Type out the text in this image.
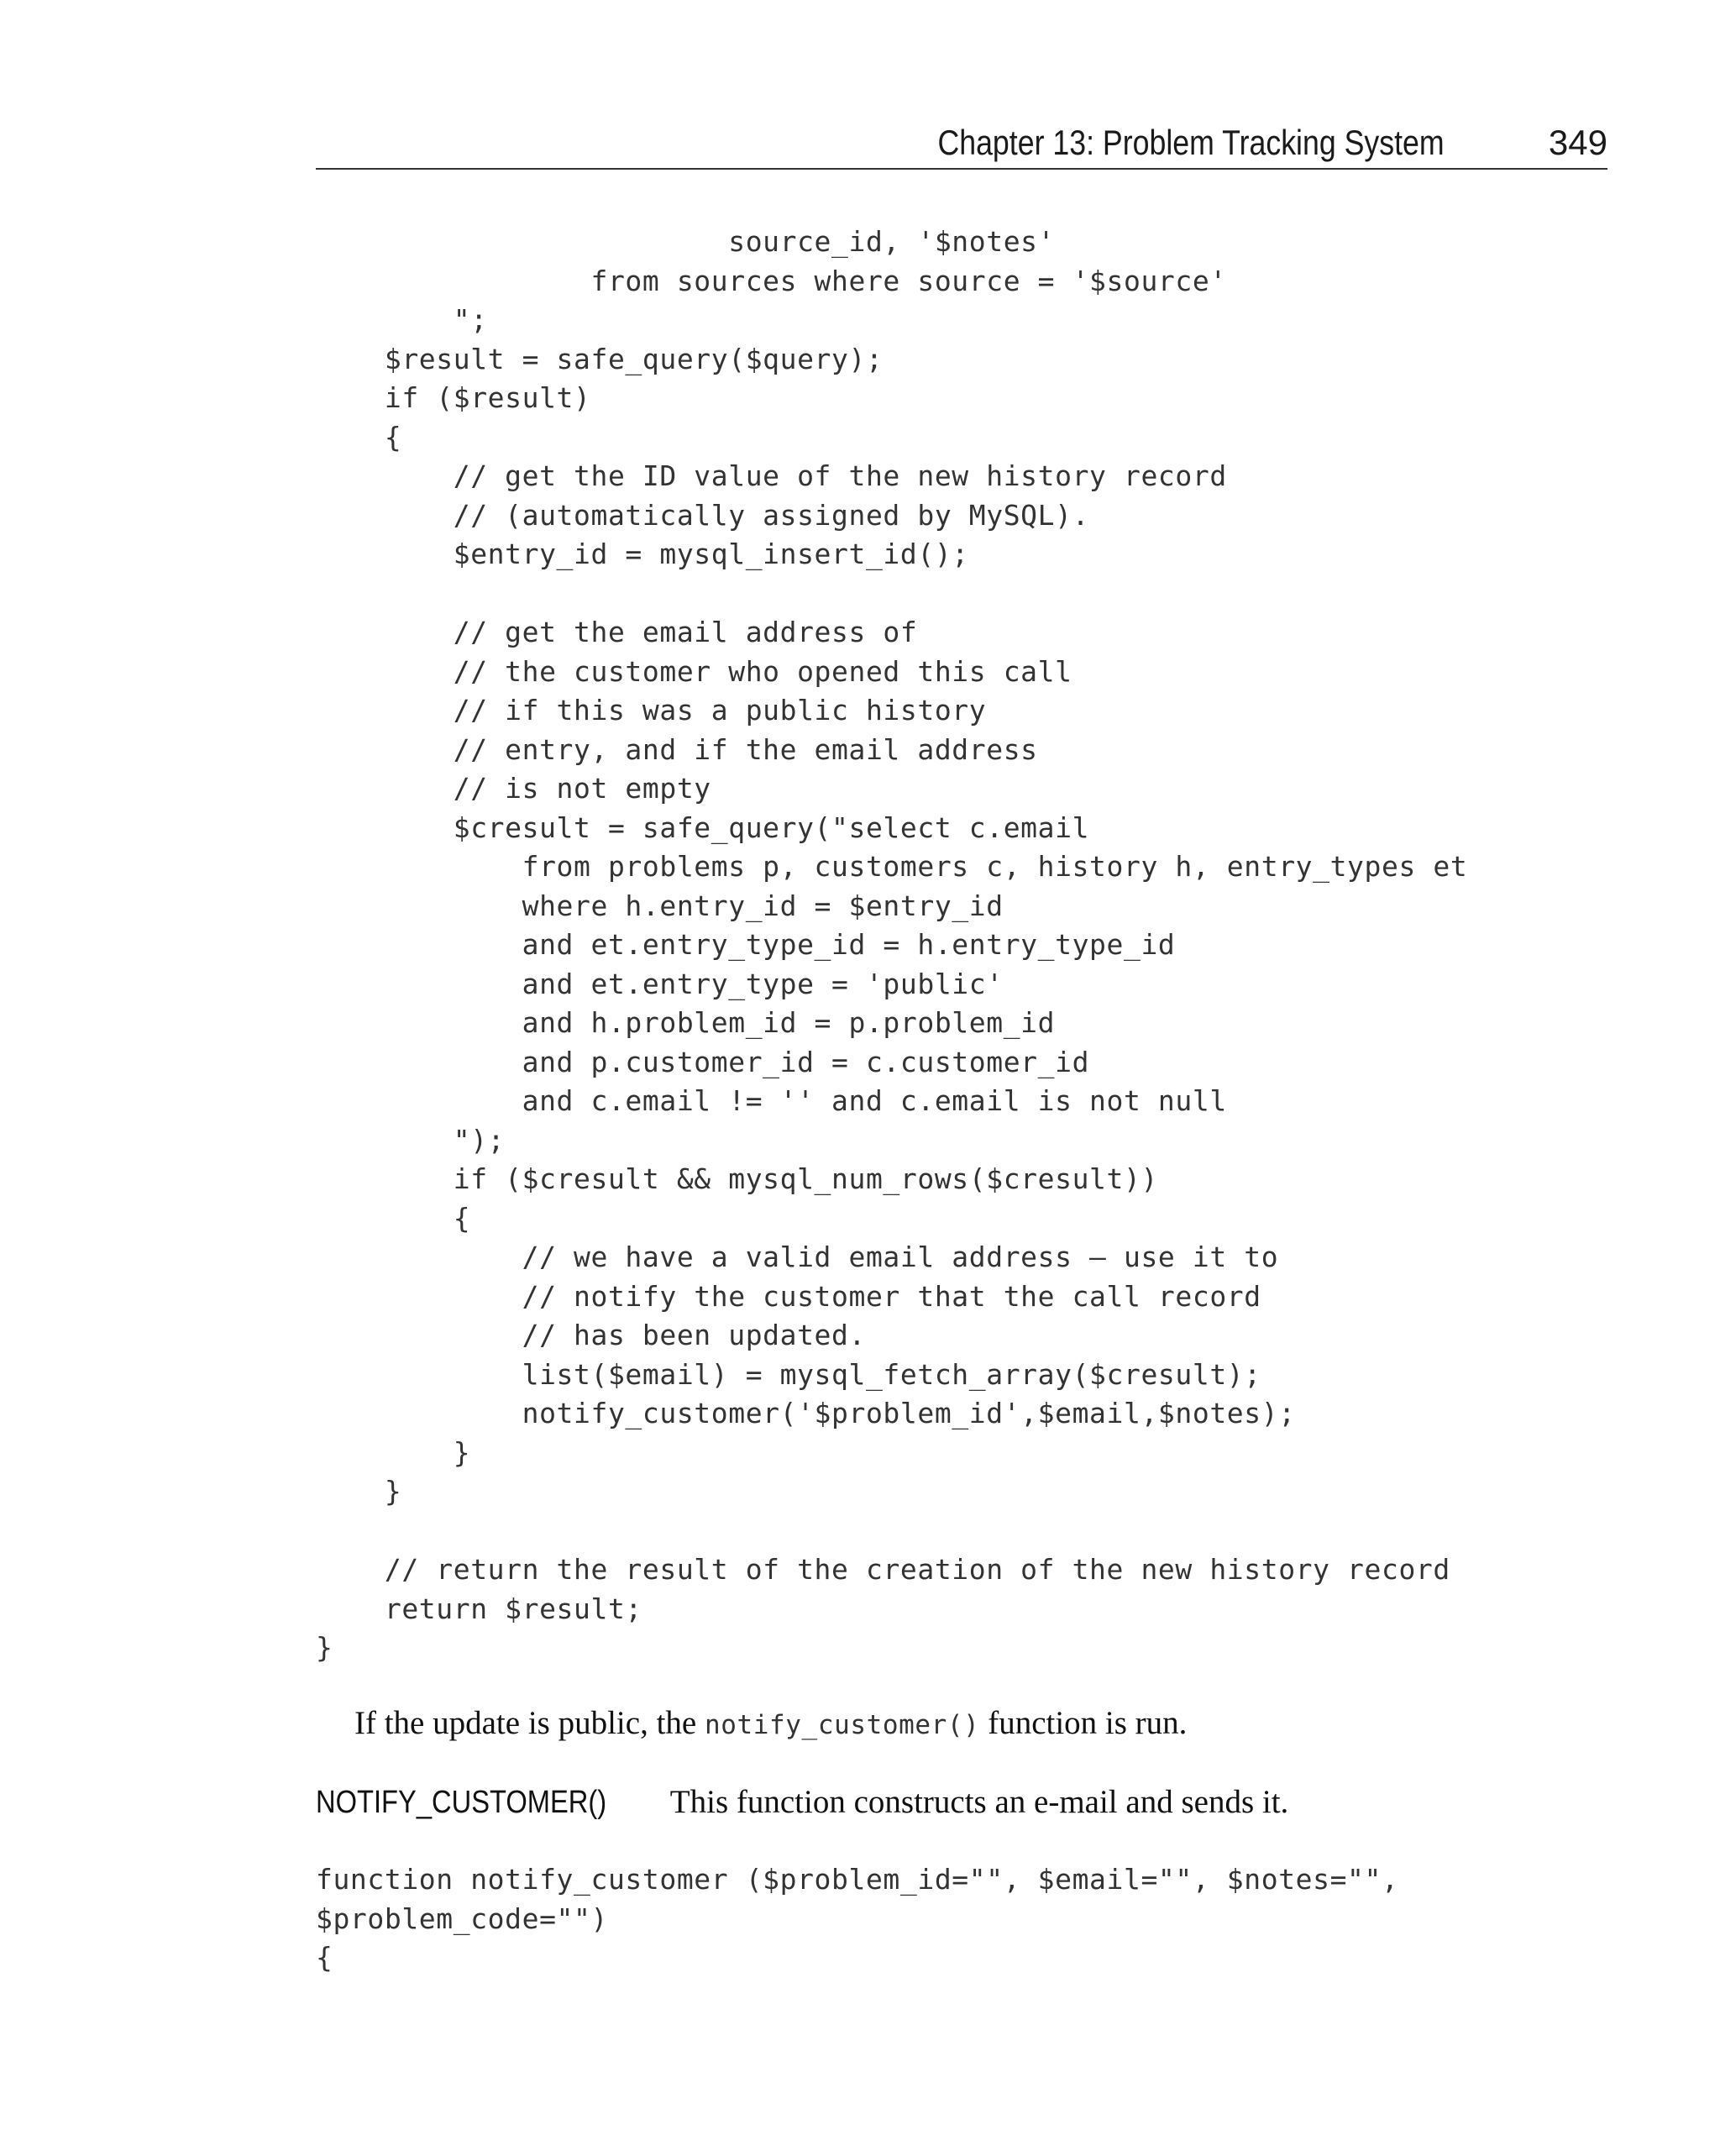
Chapter 13: Problem Tracking System	349
source_id, '$notes'
from sources where source = '$source'
";
$result = safe_query($query);
if ($result)
{
// get the ID value of the new history record
// (automatically assigned by MySQL).
$entry_id = mysql_insert_id();
// get the email address of
// the customer who opened this call
// if this was a public history
// entry, and if the email address
// is not empty
$cresult = safe_query("select c.email
from problems p, customers c, history h, entry_types et
where h.entry_id = $entry_id
and et.entry_type_id = h.entry_type_id
and et.entry_type = 'public'
and h.problem_id = p.problem_id
and p.customer_id = c.customer_id
and c.email != '' and c.email is not null
");
if ($cresult && mysql_num_rows($cresult))
{
// we have a valid email address – use it to
// notify the customer that the call record
// has been updated.
list($email) = mysql_fetch_array($cresult);
notify_customer('$problem_id',$email,$notes);
}
}
// return the result of the creation of the new history record
return $result;
}

If the update is public, the notify_customer() function is run.

NOTIFY_CUSTOMER() This function constructs an e-mail and sends it.

function notify_customer ($problem_id="", $email="", $notes="",
$problem_code="")
{
